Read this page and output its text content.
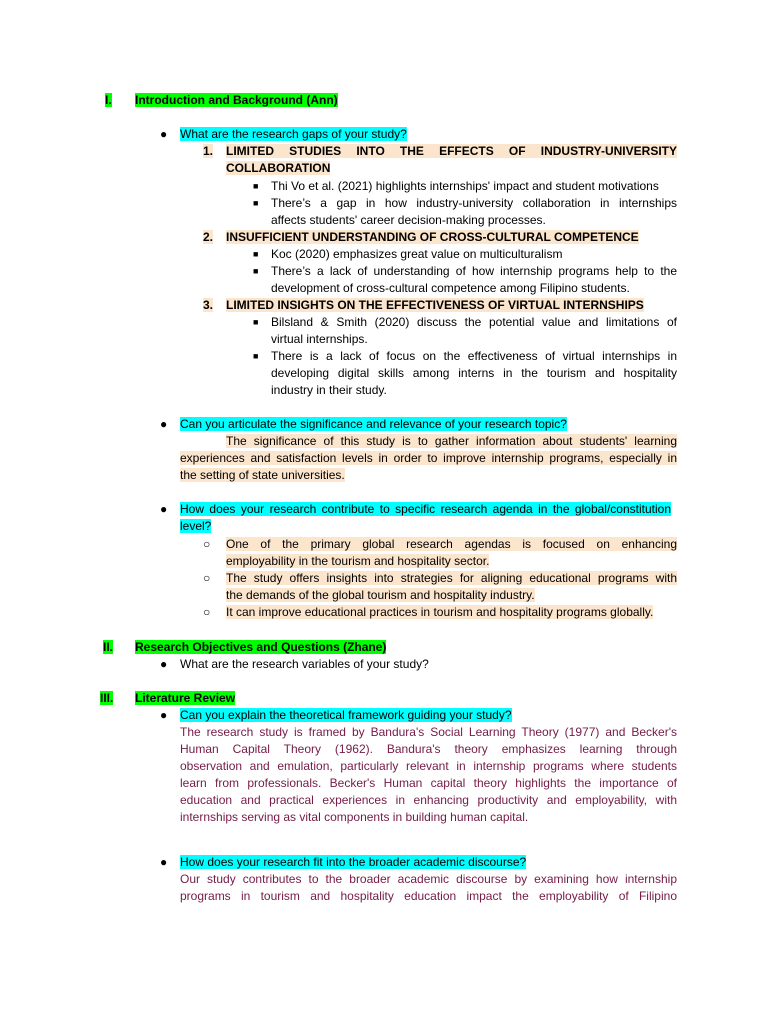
I. Introduction and Background (Ann)
● What are the research gaps of your study?
1. LIMITED STUDIES INTO THE EFFECTS OF INDUSTRY-UNIVERSITY
COLLABORATION
■ Thi Vo et al. (2021) highlights internships' impact and student motivations
■ There’s a gap in how industry-university collaboration in internships
affects students' career decision-making processes.
2. INSUFFICIENT UNDERSTANDING OF CROSS-CULTURAL COMPETENCE
■ Koc (2020) emphasizes great value on multiculturalism
■ There’s a lack of understanding of how internship programs help to the
development of cross-cultural competence among Filipino students.
3. LIMITED INSIGHTS ON THE EFFECTIVENESS OF VIRTUAL INTERNSHIPS
■ Bilsland & Smith (2020) discuss the potential value and limitations of
virtual internships.
■ There is a lack of focus on the effectiveness of virtual internships in
developing digital skills among interns in the tourism and hospitality
industry in their study.
● Can you articulate the significance and relevance of your research topic?
The significance of this study is to gather information about students' learning
experiences and satisfaction levels in order to improve internship programs, especially in
the setting of state universities.
● How does your research contribute to specific research agenda in the global/constitution
level?
○ One of the primary global research agendas is focused on enhancing
employability in the tourism and hospitality sector.
○ The study offers insights into strategies for aligning educational programs with
the demands of the global tourism and hospitality industry.
○ It can improve educational practices in tourism and hospitality programs globally.
II. Research Objectives and Questions (Zhane)
● What are the research variables of your study?
III. Literature Review
● Can you explain the theoretical framework guiding your study?
The research study is framed by Bandura's Social Learning Theory (1977) and Becker's
Human Capital Theory (1962). Bandura's theory emphasizes learning through
observation and emulation, particularly relevant in internship programs where students
learn from professionals. Becker's Human capital theory highlights the importance of
education and practical experiences in enhancing productivity and employability, with
internships serving as vital components in building human capital.
● How does your research fit into the broader academic discourse?
Our study contributes to the broader academic discourse by examining how internship
programs in tourism and hospitality education impact the employability of Filipino
